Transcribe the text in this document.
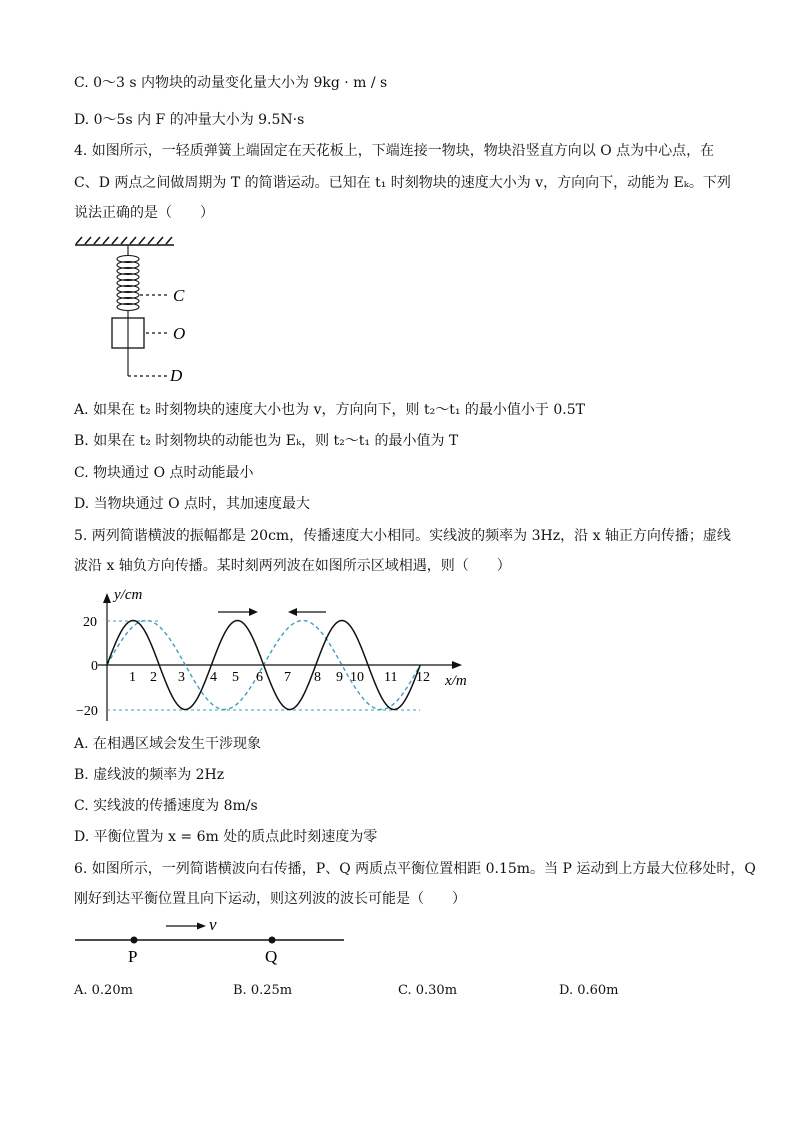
C. 0～3 s 内物块的动量变化量大小为 9kg · m / s
D. 0～5s 内 F 的冲量大小为 9.5N·s
4. 如图所示，一轻质弹簧上端固定在天花板上，下端连接一物块，物块沿竖直方向以 O 点为中心点，在
C、D 两点之间做周期为 T 的简谐运动。已知在 t₁ 时刻物块的速度大小为 v，方向向下，动能为 Eₖ。下列
说法正确的是（　　）
C
O
D
A. 如果在 t₂ 时刻物块的速度大小也为 v，方向向下，则 t₂～t₁ 的最小值小于 0.5T
B. 如果在 t₂ 时刻物块的动能也为 Eₖ，则 t₂～t₁ 的最小值为 T
C. 物块通过 O 点时动能最小
D. 当物块通过 O 点时，其加速度最大
5. 两列简谐横波的振幅都是 20cm，传播速度大小相同。实线波的频率为 3Hz，沿 x 轴正方向传播；虚线
波沿 x 轴负方向传播。某时刻两列波在如图所示区域相遇，则（　　）
y/cm
20
0
−20
1 2 3 4 5 6 7 8 9 10 11 12 x/m
A. 在相遇区域会发生干涉现象
B. 虚线波的频率为 2Hz
C. 实线波的传播速度为 8m/s
D. 平衡位置为 x = 6m 处的质点此时刻速度为零
6. 如图所示，一列简谐横波向右传播，P、Q 两质点平衡位置相距 0.15m。当 P 运动到上方最大位移处时，Q
刚好到达平衡位置且向下运动，则这列波的波长可能是（　　）
v
P	Q
A. 0.20m	B. 0.25m	C. 0.30m	D. 0.60m
